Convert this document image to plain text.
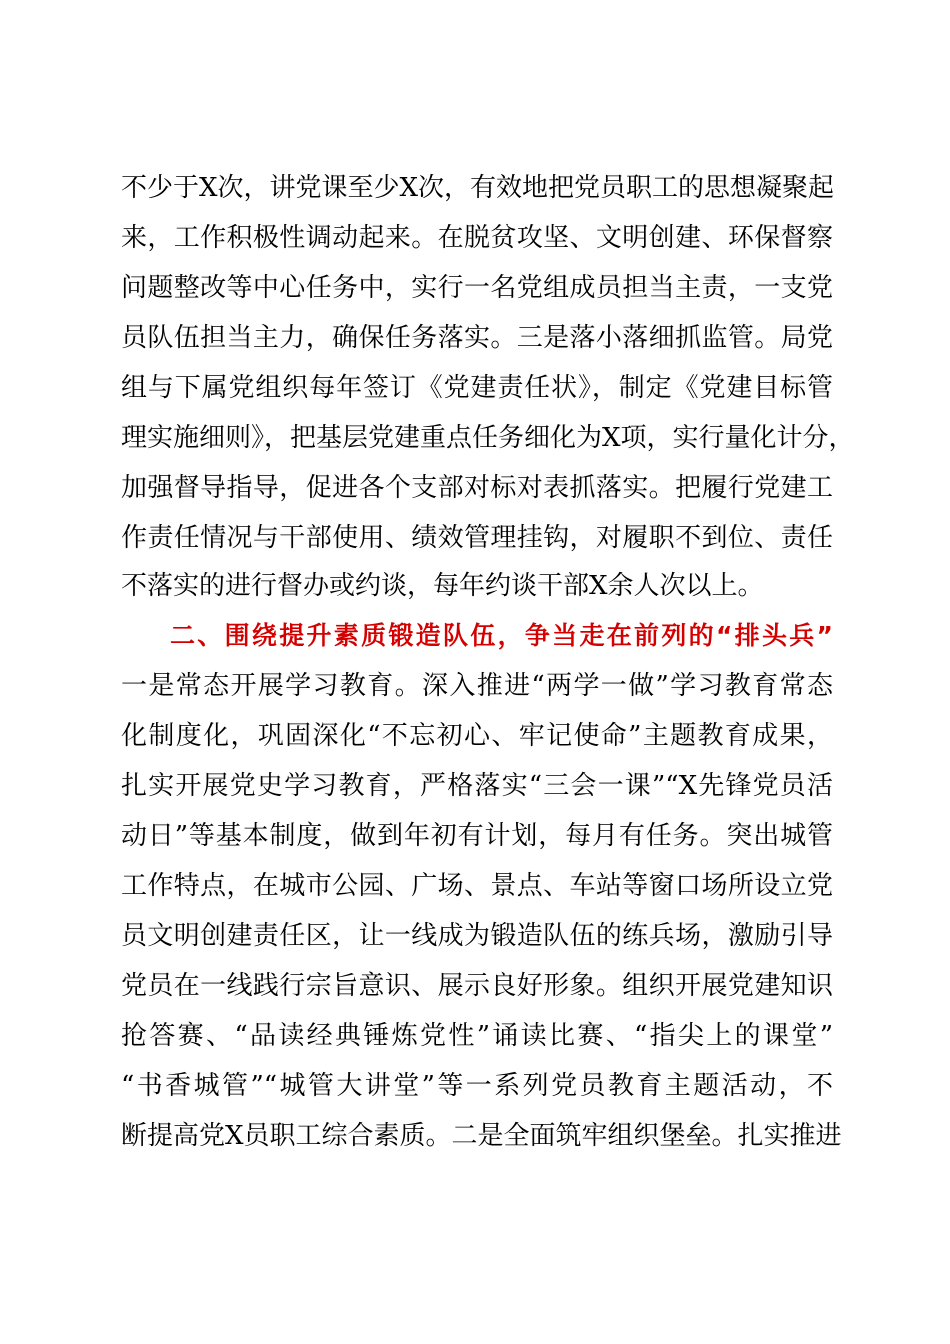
不少于X次，讲党课至少X次，有效地把党员职工的思想凝聚起
来，工作积极性调动起来。在脱贫攻坚、文明创建、环保督察
问题整改等中心任务中，实行一名党组成员担当主责，一支党
员队伍担当主力，确保任务落实。三是落小落细抓监管。局党
组与下属党组织每年签订《党建责任状》，制定《党建目标管
理实施细则》，把基层党建重点任务细化为X项，实行量化计分，
加强督导指导，促进各个支部对标对表抓落实。把履行党建工
作责任情况与干部使用、绩效管理挂钩，对履职不到位、责任
不落实的进行督办或约谈，每年约谈干部X余人次以上。
二、围绕提升素质锻造队伍，争当走在前列的“排头兵”
一是常态开展学习教育。深入推进“两学一做”学习教育常态
化制度化，巩固深化“不忘初心、牢记使命”主题教育成果，
扎实开展党史学习教育，严格落实“三会一课”“X先锋党员活
动日”等基本制度，做到年初有计划，每月有任务。突出城管
工作特点，在城市公园、广场、景点、车站等窗口场所设立党
员文明创建责任区，让一线成为锻造队伍的练兵场，激励引导
党员在一线践行宗旨意识、展示良好形象。组织开展党建知识
抢答赛、“品读经典锤炼党性”诵读比赛、“指尖上的课堂”
“书香城管”“城管大讲堂”等一系列党员教育主题活动，不
断提高党X员职工综合素质。二是全面筑牢组织堡垒。扎实推进
